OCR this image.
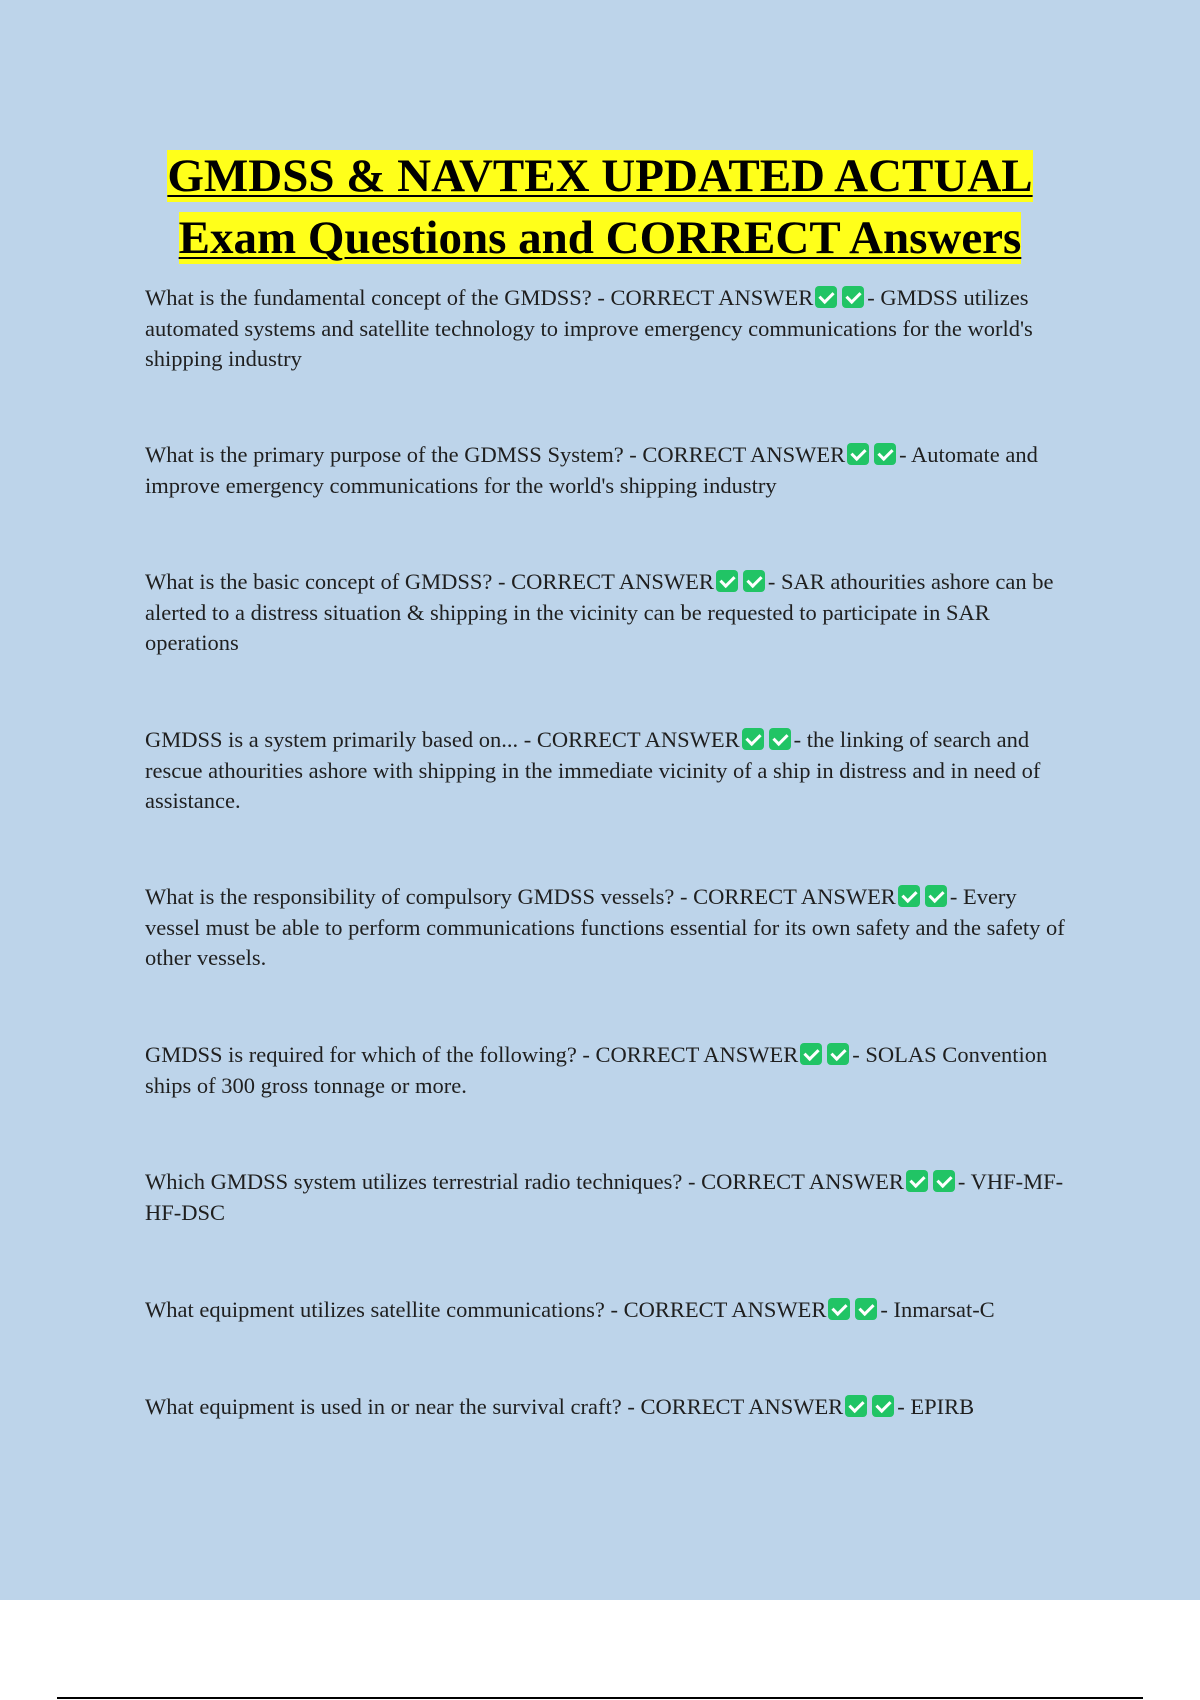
GMDSS & NAVTEX UPDATED ACTUAL
Exam Questions and CORRECT Answers

What is the fundamental concept of the GMDSS? - CORRECT ANSWER - GMDSS utilizes automated systems and satellite technology to improve emergency communications for the world's shipping industry

What is the primary purpose of the GDMSS System? - CORRECT ANSWER - Automate and improve emergency communications for the world's shipping industry

What is the basic concept of GMDSS? - CORRECT ANSWER - SAR athourities ashore can be alerted to a distress situation & shipping in the vicinity can be requested to participate in SAR operations

GMDSS is a system primarily based on... - CORRECT ANSWER - the linking of search and rescue athourities ashore with shipping in the immediate vicinity of a ship in distress and in need of assistance.

What is the responsibility of compulsory GMDSS vessels? - CORRECT ANSWER - Every vessel must be able to perform communications functions essential for its own safety and the safety of other vessels.

GMDSS is required for which of the following? - CORRECT ANSWER - SOLAS Convention ships of 300 gross tonnage or more.

Which GMDSS system utilizes terrestrial radio techniques? - CORRECT ANSWER - VHF-MF-HF-DSC

What equipment utilizes satellite communications? - CORRECT ANSWER - Inmarsat-C

What equipment is used in or near the survival craft? - CORRECT ANSWER - EPIRB
